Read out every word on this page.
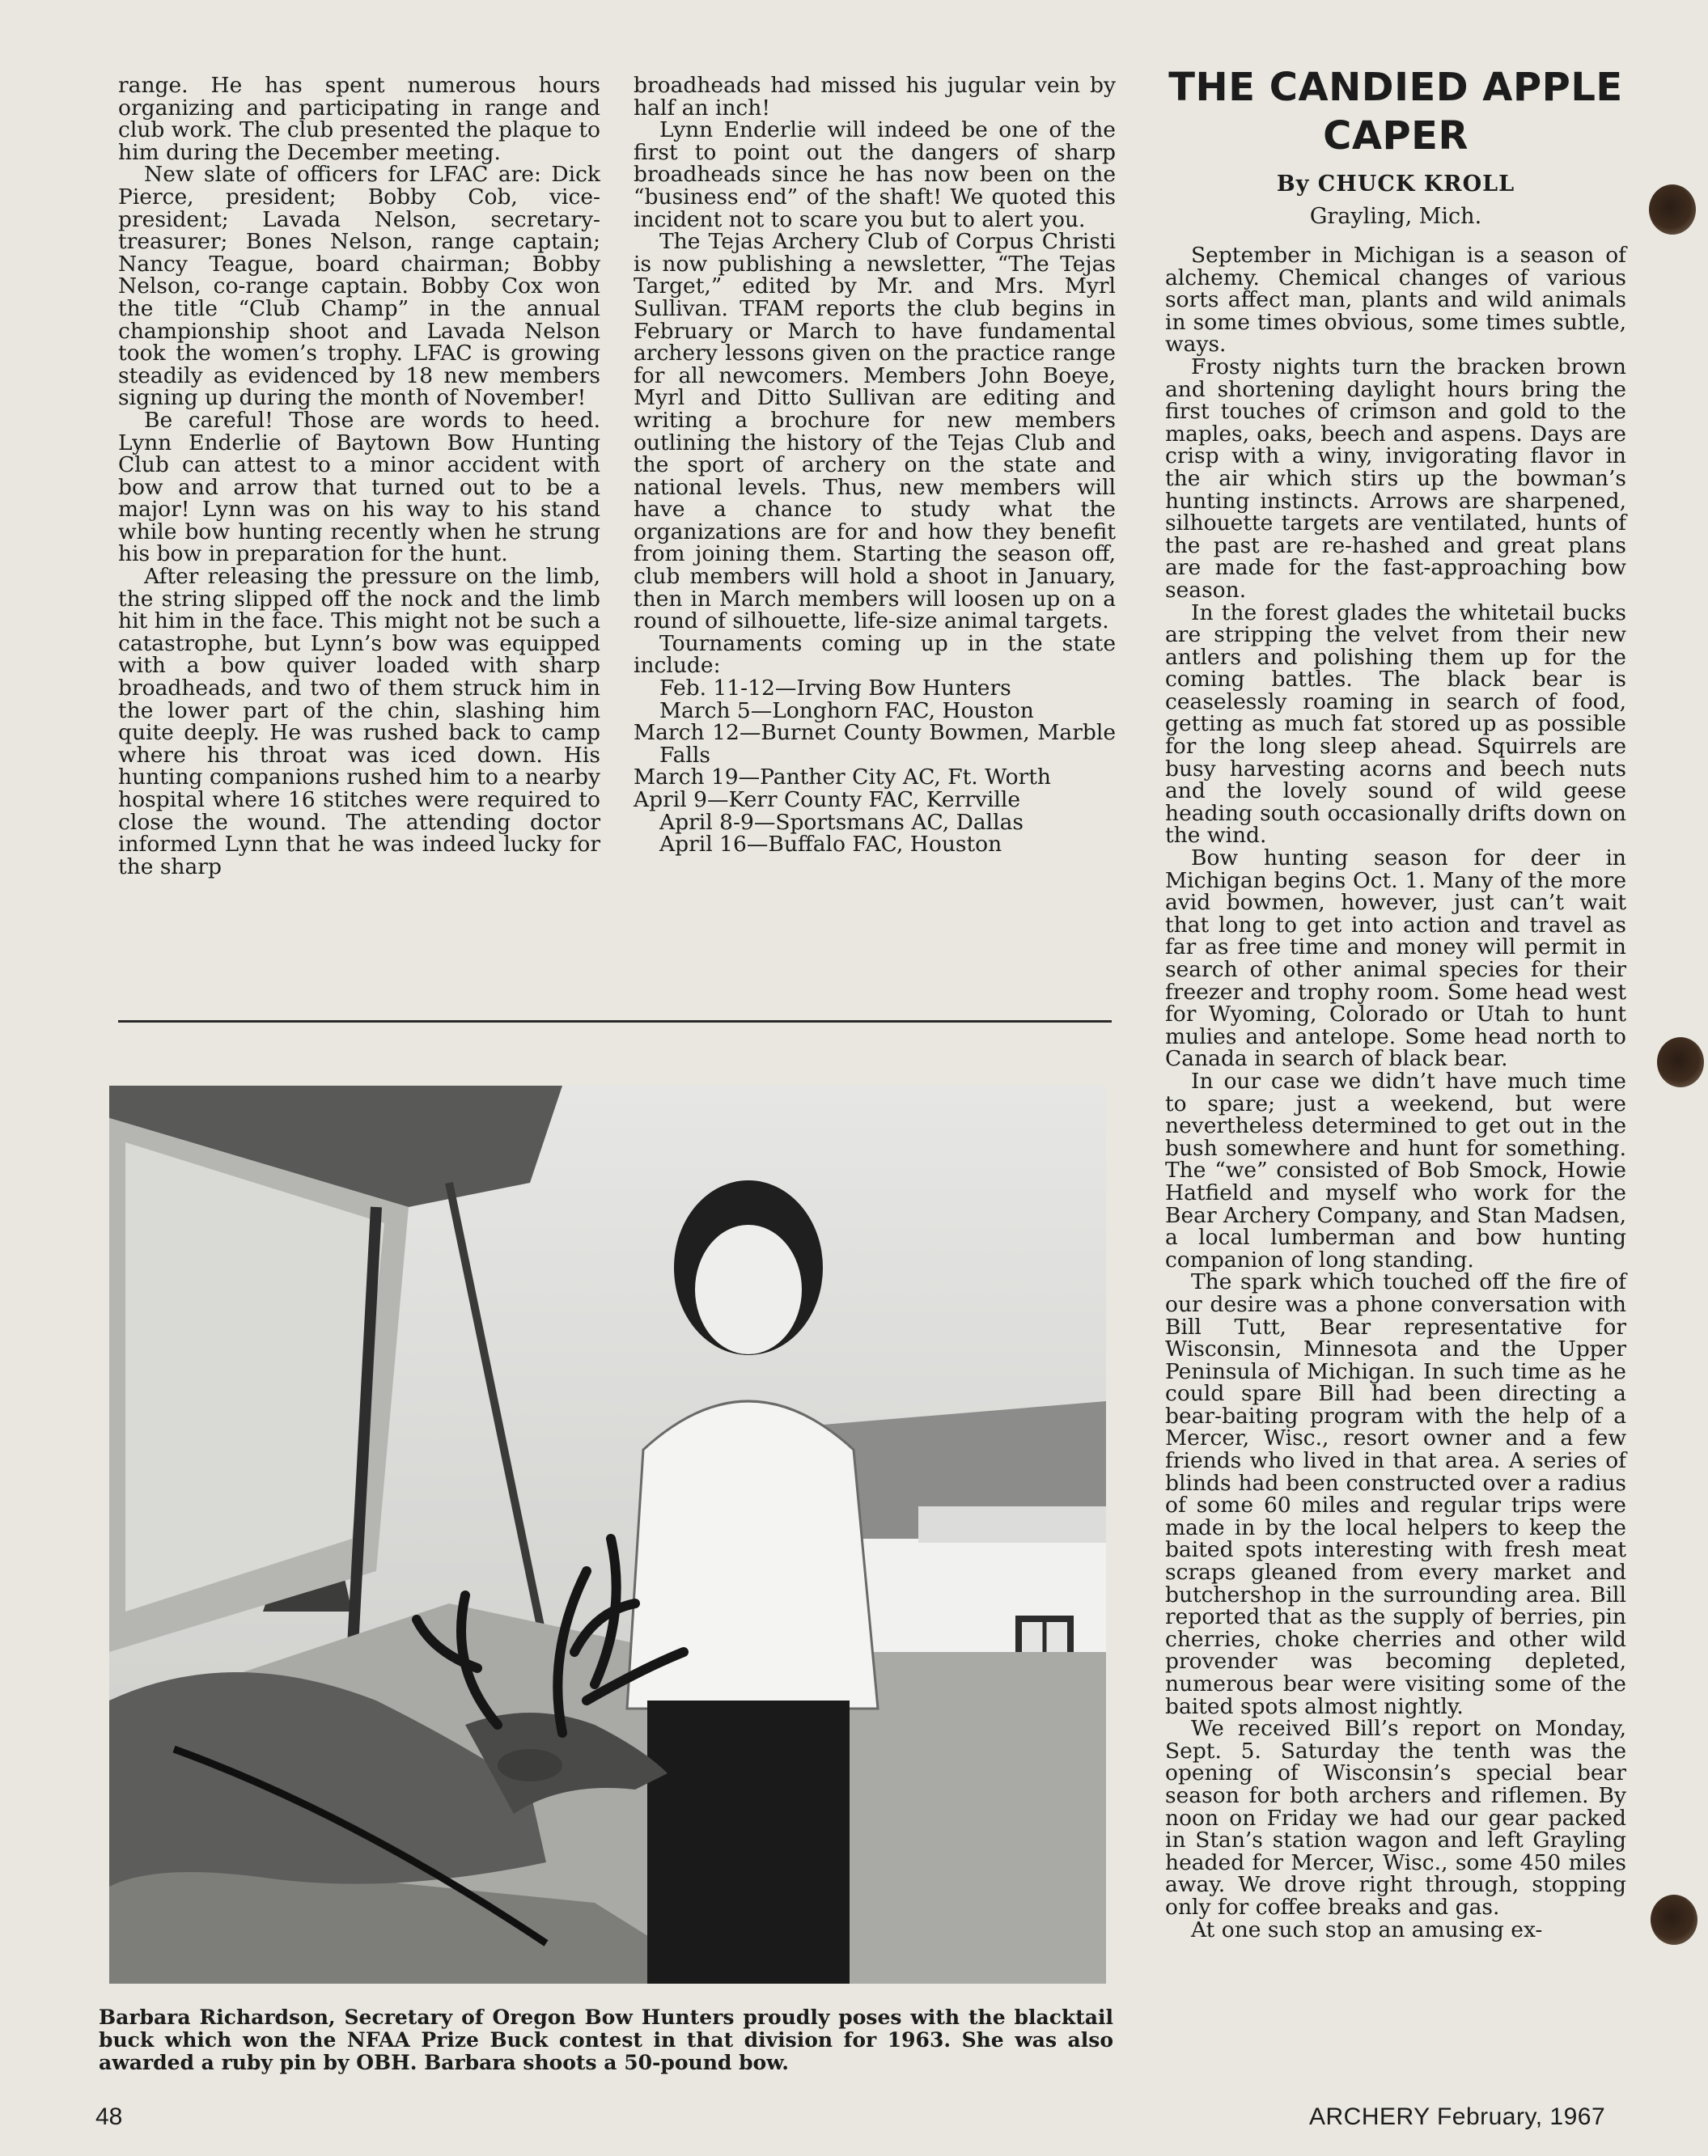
range. He has spent numerous hours organizing and participating in range and club work. The club presented the plaque to him during the December meeting.

New slate of officers for LFAC are: Dick Pierce, president; Bobby Cob, vice-president; Lavada Nelson, secretary-treasurer; Bones Nelson, range captain; Nancy Teague, board chairman; Bobby Nelson, co-range captain. Bobby Cox won the title “Club Champ” in the annual championship shoot and Lavada Nelson took the women’s trophy. LFAC is growing steadily as evidenced by 18 new members signing up during the month of November!

Be careful! Those are words to heed. Lynn Enderlie of Baytown Bow Hunting Club can attest to a minor accident with bow and arrow that turned out to be a major! Lynn was on his way to his stand while bow hunting recently when he strung his bow in preparation for the hunt.

After releasing the pressure on the limb, the string slipped off the nock and the limb hit him in the face. This might not be such a catastrophe, but Lynn’s bow was equipped with a bow quiver loaded with sharp broadheads, and two of them struck him in the lower part of the chin, slashing him quite deeply. He was rushed back to camp where his throat was iced down. His hunting companions rushed him to a nearby hospital where 16 stitches were required to close the wound. The attending doctor informed Lynn that he was indeed lucky for the sharp

broadheads had missed his jugular vein by half an inch!

Lynn Enderlie will indeed be one of the first to point out the dangers of sharp broadheads since he has now been on the “business end” of the shaft! We quoted this incident not to scare you but to alert you.

The Tejas Archery Club of Corpus Christi is now publishing a newsletter, “The Tejas Target,” edited by Mr. and Mrs. Myrl Sullivan. TFAM reports the club begins in February or March to have fundamental archery lessons given on the practice range for all newcomers. Members John Boeye, Myrl and Ditto Sullivan are editing and writing a brochure for new members outlining the history of the Tejas Club and the sport of archery on the state and national levels. Thus, new members will have a chance to study what the organizations are for and how they benefit from joining them. Starting the season off, club members will hold a shoot in January, then in March members will loosen up on a round of silhouette, life-size animal targets.

Tournaments coming up in the state include:

Feb. 11-12—Irving Bow Hunters
March 5—Longhorn FAC, Houston
March 12—Burnet County Bowmen, Marble Falls
March 19—Panther City AC, Ft. Worth
April 9—Kerr County FAC, Kerrville
April 8-9—Sportsmans AC, Dallas
April 16—Buffalo FAC, Houston
THE CANDIED APPLE CAPER
By CHUCK KROLL
Grayling, Mich.

September in Michigan is a season of alchemy. Chemical changes of various sorts affect man, plants and wild animals in some times obvious, some times subtle, ways.

Frosty nights turn the bracken brown and shortening daylight hours bring the first touches of crimson and gold to the maples, oaks, beech and aspens. Days are crisp with a winy, invigorating flavor in the air which stirs up the bowman’s hunting instincts. Arrows are sharpened, silhouette targets are ventilated, hunts of the past are re-hashed and great plans are made for the fast-approaching bow season.

In the forest glades the whitetail bucks are stripping the velvet from their new antlers and polishing them up for the coming battles. The black bear is ceaselessly roaming in search of food, getting as much fat stored up as possible for the long sleep ahead. Squirrels are busy harvesting acorns and beech nuts and the lovely sound of wild geese heading south occasionally drifts down on the wind.

Bow hunting season for deer in Michigan begins Oct. 1. Many of the more avid bowmen, however, just can’t wait that long to get into action and travel as far as free time and money will permit in search of other animal species for their freezer and trophy room. Some head west for Wyoming, Colorado or Utah to hunt mulies and antelope. Some head north to Canada in search of black bear.

In our case we didn’t have much time to spare; just a weekend, but were nevertheless determined to get out in the bush somewhere and hunt for something. The “we” consisted of Bob Smock, Howie Hatfield and myself who work for the Bear Archery Company, and Stan Madsen, a local lumberman and bow hunting companion of long standing.

The spark which touched off the fire of our desire was a phone conversation with Bill Tutt, Bear representative for Wisconsin, Minnesota and the Upper Peninsula of Michigan. In such time as he could spare Bill had been directing a bear-baiting program with the help of a Mercer, Wisc., resort owner and a few friends who lived in that area. A series of blinds had been constructed over a radius of some 60 miles and regular trips were made in by the local helpers to keep the baited spots interesting with fresh meat scraps gleaned from every market and butchershop in the surrounding area. Bill reported that as the supply of berries, pin cherries, choke cherries and other wild provender was becoming depleted, numerous bear were visiting some of the baited spots almost nightly.

We received Bill’s report on Monday, Sept. 5. Saturday the tenth was the opening of Wisconsin’s special bear season for both archers and riflemen. By noon on Friday we had our gear packed in Stan’s station wagon and left Grayling headed for Mercer, Wisc., some 450 miles away. We drove right through, stopping only for coffee breaks and gas.

At one such stop an amusing ex-

Barbara Richardson, Secretary of Oregon Bow Hunters proudly poses with the blacktail buck which won the NFAA Prize Buck contest in that division for 1963. She was also awarded a ruby pin by OBH. Barbara shoots a 50-pound bow.
48	ARCHERY February, 1967
